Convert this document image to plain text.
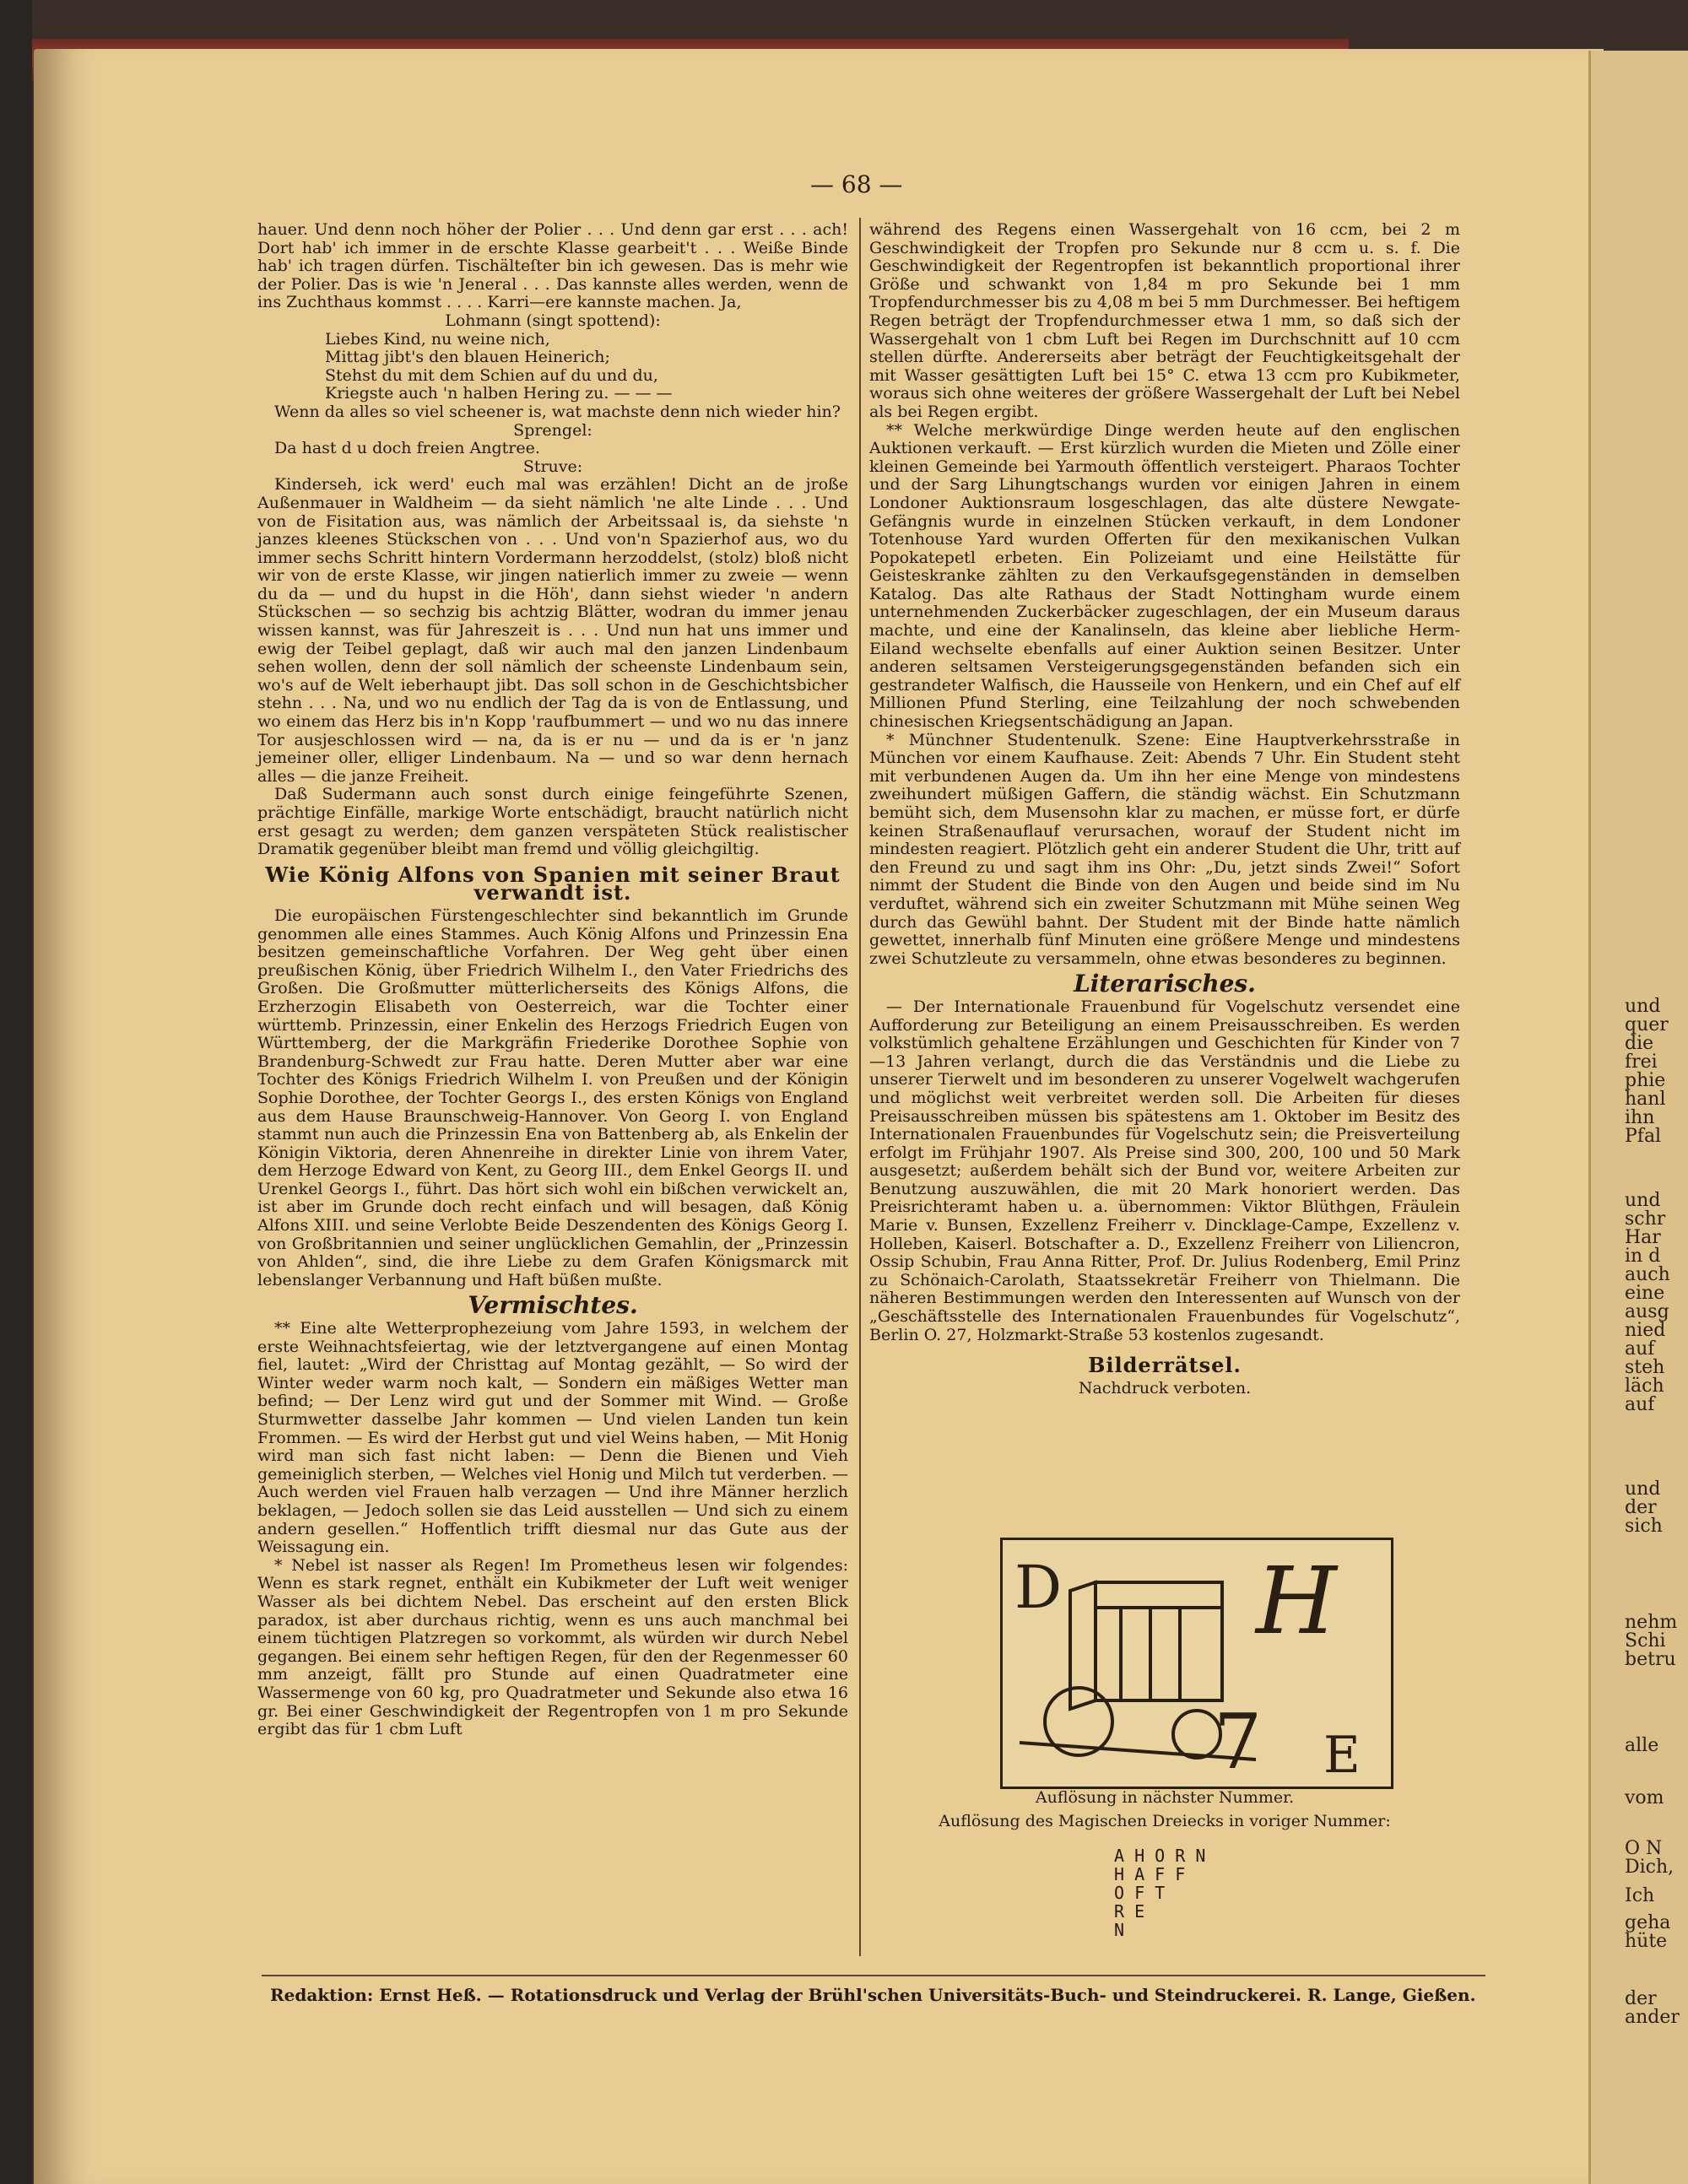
und
quer
die
frei
phie
hanl
ihn
Pfal
und
schr
Har
in d
auch
eine
ausg
nied
auf
steh
läch
auf
und
der
sich
nehm
Schi
betru
alle
vom
O N
Dich,
Ich
geha
hüte
der
ander
— 68 —

hauer. Und denn noch höher der Polier . . . Und denn gar erst . . . ach! Dort hab' ich immer in de erschte Klasse gearbeit't . . . Weiße Binde hab' ich tragen dürfen. Tischälteſter bin ich gewesen. Das is mehr wie der Polier. Das is wie 'n Jeneral . . . Das kannste alles werden, wenn de ins Zuchthaus kommst . . . . Karri—ere kannste machen. Ja,

Lohmann (singt spottend):

Liebes Kind, nu weine nich,

Mittag jibt's den blauen Heinerich;

Stehst du mit dem Schien auf du und du,

Kriegste auch 'n halben Hering zu. — — —

Wenn da alles so viel scheener is, wat machste denn nich wieder hin?

Sprengel:

Da hast d u doch freien Angtree.

Struve:

Kinderseh, ick werd' euch mal was erzählen! Dicht an de jroße Außenmauer in Waldheim — da sieht nämlich 'ne alte Linde . . . Und von de Fisitation aus, was nämlich der Arbeitssaal is, da siehste 'n janzes kleenes Stückschen von . . . Und von'n Spazierhof aus, wo du immer sechs Schritt hintern Vordermann herzoddelst, (stolz) bloß nicht wir von de erste Klasse, wir jingen natierlich immer zu zweie — wenn du da — und du hupst in die Höh', dann siehst wieder 'n andern Stückschen — so sechzig bis achtzig Blätter, wodran du immer jenau wissen kannst, was für Jahreszeit is . . . Und nun hat uns immer und ewig der Teibel geplagt, daß wir auch mal den janzen Lindenbaum sehen wollen, denn der soll nämlich der scheenste Lindenbaum sein, wo's auf de Welt ieberhaupt jibt. Das soll schon in de Geschichtsbicher stehn . . . Na, und wo nu endlich der Tag da is von de Entlassung, und wo einem das Herz bis in'n Kopp 'raufbummert — und wo nu das innere Tor ausjeschlossen wird — na, da is er nu — und da is er 'n janz jemeiner oller, elliger Lindenbaum. Na — und so war denn hernach alles — die janze Freiheit.

Daß Sudermann auch sonst durch einige feingeführte Szenen, prächtige Einfälle, markige Worte entschädigt, braucht natürlich nicht erst gesagt zu werden; dem ganzen verspäteten Stück realistischer Dramatik gegenüber bleibt man fremd und völlig gleichgiltig.

Wie König Alfons von Spanien mit seiner Braut verwandt ist.

Die europäischen Fürstengeschlechter sind bekanntlich im Grunde genommen alle eines Stammes. Auch König Alfons und Prinzessin Ena besitzen gemeinschaftliche Vorfahren. Der Weg geht über einen preußischen König, über Friedrich Wilhelm I., den Vater Friedrichs des Großen. Die Großmutter mütterlicherseits des Königs Alfons, die Erzherzogin Elisabeth von Oesterreich, war die Tochter einer württemb. Prinzessin, einer Enkelin des Herzogs Friedrich Eugen von Württemberg, der die Markgräfin Friederike Dorothee Sophie von Brandenburg-Schwedt zur Frau hatte. Deren Mutter aber war eine Tochter des Königs Friedrich Wilhelm I. von Preußen und der Königin Sophie Dorothee, der Tochter Georgs I., des ersten Königs von England aus dem Hause Braunschweig-Hannover. Von Georg I. von England stammt nun auch die Prinzessin Ena von Battenberg ab, als Enkelin der Königin Viktoria, deren Ahnenreihe in direkter Linie von ihrem Vater, dem Herzoge Edward von Kent, zu Georg III., dem Enkel Georgs II. und Urenkel Georgs I., führt. Das hört sich wohl ein bißchen verwickelt an, ist aber im Grunde doch recht einfach und will besagen, daß König Alfons XIII. und seine Verlobte Beide Deszendenten des Königs Georg I. von Großbritannien und seiner unglücklichen Gemahlin, der „Prinzessin von Ahlden“, sind, die ihre Liebe zu dem Grafen Königsmarck mit lebenslanger Verbannung und Haft büßen mußte.

Vermischtes.

** Eine alte Wetterprophezeiung vom Jahre 1593, in welchem der erste Weihnachtsfeiertag, wie der letztvergangene auf einen Montag fiel, lautet: „Wird der Christtag auf Montag gezählt, — So wird der Winter weder warm noch kalt, — Sondern ein mäßiges Wetter man befind; — Der Lenz wird gut und der Sommer mit Wind. — Große Sturmwetter dasselbe Jahr kommen — Und vielen Landen tun kein Frommen. — Es wird der Herbst gut und viel Weins haben, — Mit Honig wird man sich fast nicht laben: — Denn die Bienen und Vieh gemeiniglich sterben, — Welches viel Honig und Milch tut verderben. — Auch werden viel Frauen halb verzagen — Und ihre Männer herzlich beklagen, — Jedoch sollen sie das Leid ausstellen — Und sich zu einem andern gesellen.“ Hoffentlich trifft diesmal nur das Gute aus der Weissagung ein.

* Nebel ist nasser als Regen! Im Prometheus lesen wir folgendes: Wenn es stark regnet, enthält ein Kubikmeter der Luft weit weniger Wasser als bei dichtem Nebel. Das erscheint auf den ersten Blick paradox, ist aber durchaus richtig, wenn es uns auch manchmal bei einem tüchtigen Platzregen so vorkommt, als würden wir durch Nebel gegangen. Bei einem sehr heftigen Regen, für den der Regenmesser 60 mm anzeigt, fällt pro Stunde auf einen Quadratmeter eine Wassermenge von 60 kg, pro Quadratmeter und Sekunde also etwa 16 gr. Bei einer Geschwindigkeit der Regentropfen von 1 m pro Sekunde ergibt das für 1 cbm Luft

während des Regens einen Wassergehalt von 16 ccm, bei 2 m Geschwindigkeit der Tropfen pro Sekunde nur 8 ccm u. s. f. Die Geschwindigkeit der Regentropfen ist bekanntlich proportional ihrer Größe und schwankt von 1,84 m pro Sekunde bei 1 mm Tropfendurchmesser bis zu 4,08 m bei 5 mm Durchmesser. Bei heftigem Regen beträgt der Tropfendurchmesser etwa 1 mm, so daß sich der Wassergehalt von 1 cbm Luft bei Regen im Durchschnitt auf 10 ccm stellen dürfte. Andererseits aber beträgt der Feuchtigkeitsgehalt der mit Wasser gesättigten Luft bei 15° C. etwa 13 ccm pro Kubikmeter, woraus sich ohne weiteres der größere Wassergehalt der Luft bei Nebel als bei Regen ergibt.

** Welche merkwürdige Dinge werden heute auf den englischen Auktionen verkauft. — Erst kürzlich wurden die Mieten und Zölle einer kleinen Gemeinde bei Yarmouth öffentlich versteigert. Pharaos Tochter und der Sarg Lihungtschangs wurden vor einigen Jahren in einem Londoner Auktionsraum losgeschlagen, das alte düstere Newgate-Gefängnis wurde in einzelnen Stücken verkauft, in dem Londoner Totenhouse Yard wurden Offerten für den mexikanischen Vulkan Popokatepetl erbeten. Ein Polizeiamt und eine Heilstätte für Geisteskranke zählten zu den Verkaufsgegenständen in demselben Katalog. Das alte Rathaus der Stadt Nottingham wurde einem unternehmenden Zuckerbäcker zugeschlagen, der ein Museum daraus machte, und eine der Kanalinseln, das kleine aber liebliche Herm-Eiland wechselte ebenfalls auf einer Auktion seinen Besitzer. Unter anderen seltsamen Versteigerungsgegenständen befanden sich ein gestrandeter Walfisch, die Hausseile von Henkern, und ein Chef auf elf Millionen Pfund Sterling, eine Teilzahlung der noch schwebenden chinesischen Kriegsentschädigung an Japan.

* Münchner Studentenulk. Szene: Eine Hauptverkehrsstraße in München vor einem Kaufhause. Zeit: Abends 7 Uhr. Ein Student steht mit verbundenen Augen da. Um ihn her eine Menge von mindestens zweihundert müßigen Gaffern, die ständig wächst. Ein Schutzmann bemüht sich, dem Musensohn klar zu machen, er müsse fort, er dürfe keinen Straßenauflauf verursachen, worauf der Student nicht im mindesten reagiert. Plötzlich geht ein anderer Student die Uhr, tritt auf den Freund zu und sagt ihm ins Ohr: „Du, jetzt sinds Zwei!“ Sofort nimmt der Student die Binde von den Augen und beide sind im Nu verduftet, während sich ein zweiter Schutzmann mit Mühe seinen Weg durch das Gewühl bahnt. Der Student mit der Binde hatte nämlich gewettet, innerhalb fünf Minuten eine größere Menge und mindestens zwei Schutzleute zu versammeln, ohne etwas besonderes zu beginnen.

Literarisches.

— Der Internationale Frauenbund für Vogelschutz versendet eine Aufforderung zur Beteiligung an einem Preisausschreiben. Es werden volkstümlich gehaltene Erzählungen und Geschichten für Kinder von 7—13 Jahren verlangt, durch die das Verständnis und die Liebe zu unserer Tierwelt und im besonderen zu unserer Vogelwelt wachgerufen und möglichst weit verbreitet werden soll. Die Arbeiten für dieses Preisausschreiben müssen bis spätestens am 1. Oktober im Besitz des Internationalen Frauenbundes für Vogelschutz sein; die Preisverteilung erfolgt im Frühjahr 1907. Als Preise sind 300, 200, 100 und 50 Mark ausgesetzt; außerdem behält sich der Bund vor, weitere Arbeiten zur Benutzung auszuwählen, die mit 20 Mark honoriert werden. Das Preisrichteramt haben u. a. übernommen: Viktor Blüthgen, Fräulein Marie v. Bunsen, Exzellenz Freiherr v. Dincklage-Campe, Exzellenz v. Holleben, Kaiserl. Botschafter a. D., Exzellenz Freiherr von Liliencron, Ossip Schubin, Frau Anna Ritter, Prof. Dr. Julius Rodenberg, Emil Prinz zu Schönaich-Carolath, Staatssekretär Freiherr von Thielmann. Die näheren Bestimmungen werden den Interessenten auf Wunsch von der „Geschäftsstelle des Internationalen Frauenbundes für Vogelschutz“, Berlin O. 27, Holzmarkt-Straße 53 kostenlos zugesandt.

Bilderrätsel.

Nachdruck verboten.

D H
7 E

Auflösung in nächster Nummer.

Auflösung des Magischen Dreiecks in voriger Nummer:

A H O R N
H A F F
O F T
R E
N
Redaktion: Ernst Heß. — Rotationsdruck und Verlag der Brühl'schen Universitäts-Buch- und Steindruckerei. R. Lange, Gießen.
